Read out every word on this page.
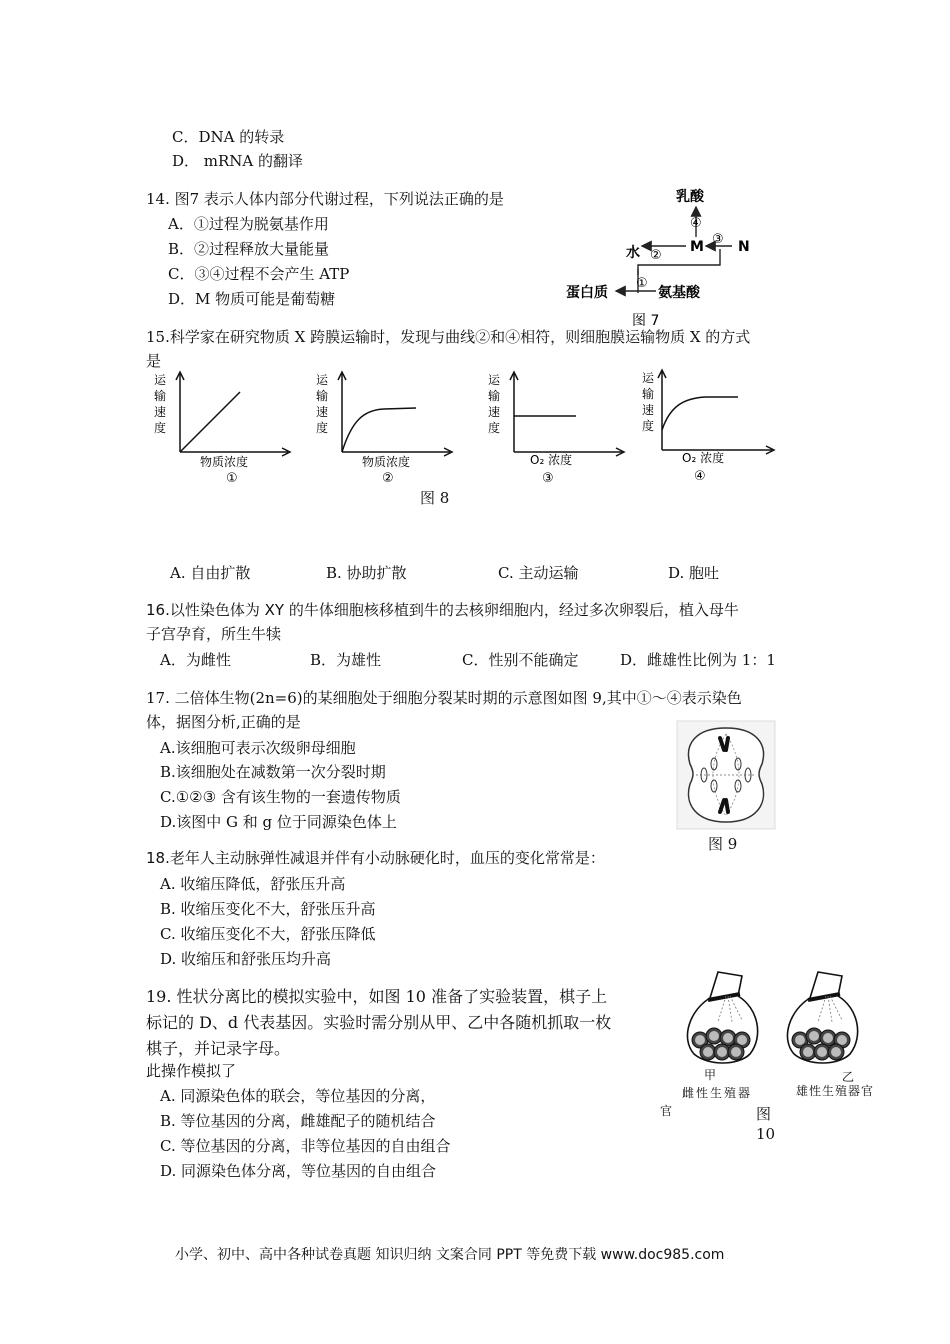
C．DNA 的转录
D． mRNA 的翻译
14. 图7 表示人体内部分代谢过程，下列说法正确的是
A．①过程为脱氨基作用
B．②过程释放大量能量
C．③④过程不会产生 ATP
D．M 物质可能是葡萄糖
乳酸
④
M ③ N
水 ②
蛋白质
①
氨基酸
图 7
15.科学家在研究物质 X 跨膜运输时，发现与曲线②和④相符，则细胞膜运输物质 X 的方式
是
运
输
速
度
物质浓度
①
运
输
速
度
物质浓度
②
运
输
速
度
O₂ 浓度
③
运
输
速
度
O₂ 浓度
④
图 8
A. 自由扩散	B. 协助扩散	C. 主动运输	D. 胞吐
16.以性染色体为 XY 的牛体细胞核移植到牛的去核卵细胞内，经过多次卵裂后，植入母牛
子宫孕育，所生牛犊
A．为雌性	B．为雄性	C．性别不能确定	D．雌雄性比例为 1：1
17. 二倍体生物(2n=6)的某细胞处于细胞分裂某时期的示意图如图 9,其中①～④表示染色
体，据图分析,正确的是
A.该细胞可表示次级卵母细胞
B.该细胞处在减数第一次分裂时期
C.①②③ 含有该生物的一套遗传物质
D.该图中 G 和 g 位于同源染色体上
图 9
18.老年人主动脉弹性减退并伴有小动脉硬化时，血压的变化常常是：
A. 收缩压降低，舒张压升高
B. 收缩压变化不大，舒张压升高
C. 收缩压变化不大，舒张压降低
D. 收缩压和舒张压均升高
19. 性状分离比的模拟实验中，如图 10 准备了实验装置，棋子上
标记的 D、d 代表基因。实验时需分别从甲、乙中各随机抓取一枚
棋子，并记录字母。
此操作模拟了
A. 同源染色体的联会，等位基因的分离，
B. 等位基因的分离，雌雄配子的随机结合
C. 等位基因的分离，非等位基因的自由组合
D. 同源染色体分离，等位基因的自由组合
甲	乙
雌性生殖器	雄性生殖器官
官	图
10
小学、初中、高中各种试卷真题 知识归纳 文案合同 PPT 等免费下载 www.doc985.com
